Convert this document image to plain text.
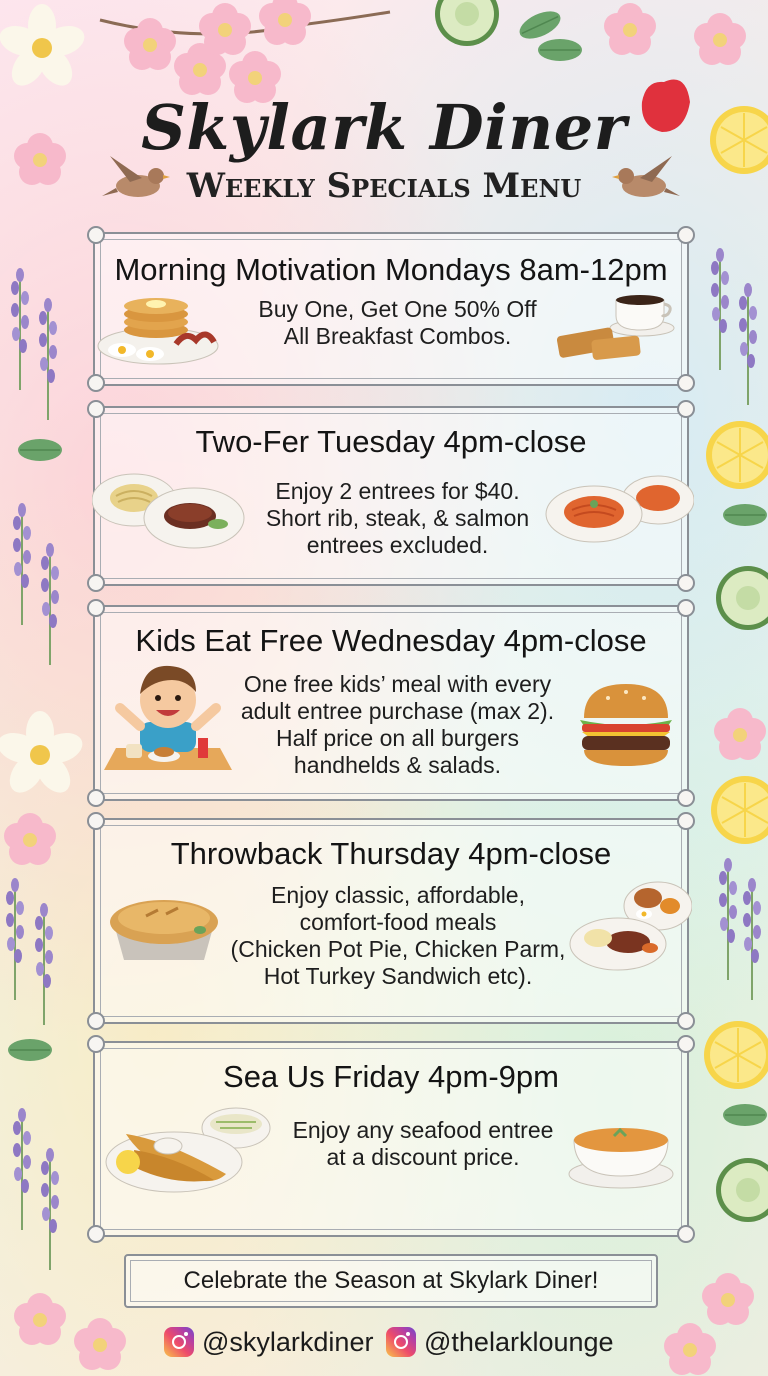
Skylark Diner
Weekly Specials Menu
Morning Motivation Mondays 8am-12pm
Buy One, Get One 50% Off
All Breakfast Combos.
Two-Fer Tuesday 4pm-close
Enjoy 2 entrees for $40.
Short rib, steak, & salmon
entrees excluded.
Kids Eat Free Wednesday 4pm-close
One free kids’ meal with every
adult entree purchase (max 2).
Half price on all burgers
handhelds & salads.
Throwback Thursday 4pm-close
Enjoy classic, affordable,
comfort-food meals
(Chicken Pot Pie, Chicken Parm,
Hot Turkey Sandwich etc).
Sea Us Friday 4pm-9pm
Enjoy any seafood entree
at a discount price.
Celebrate the Season at Skylark Diner!
@skylarkdiner @thelarklounge
